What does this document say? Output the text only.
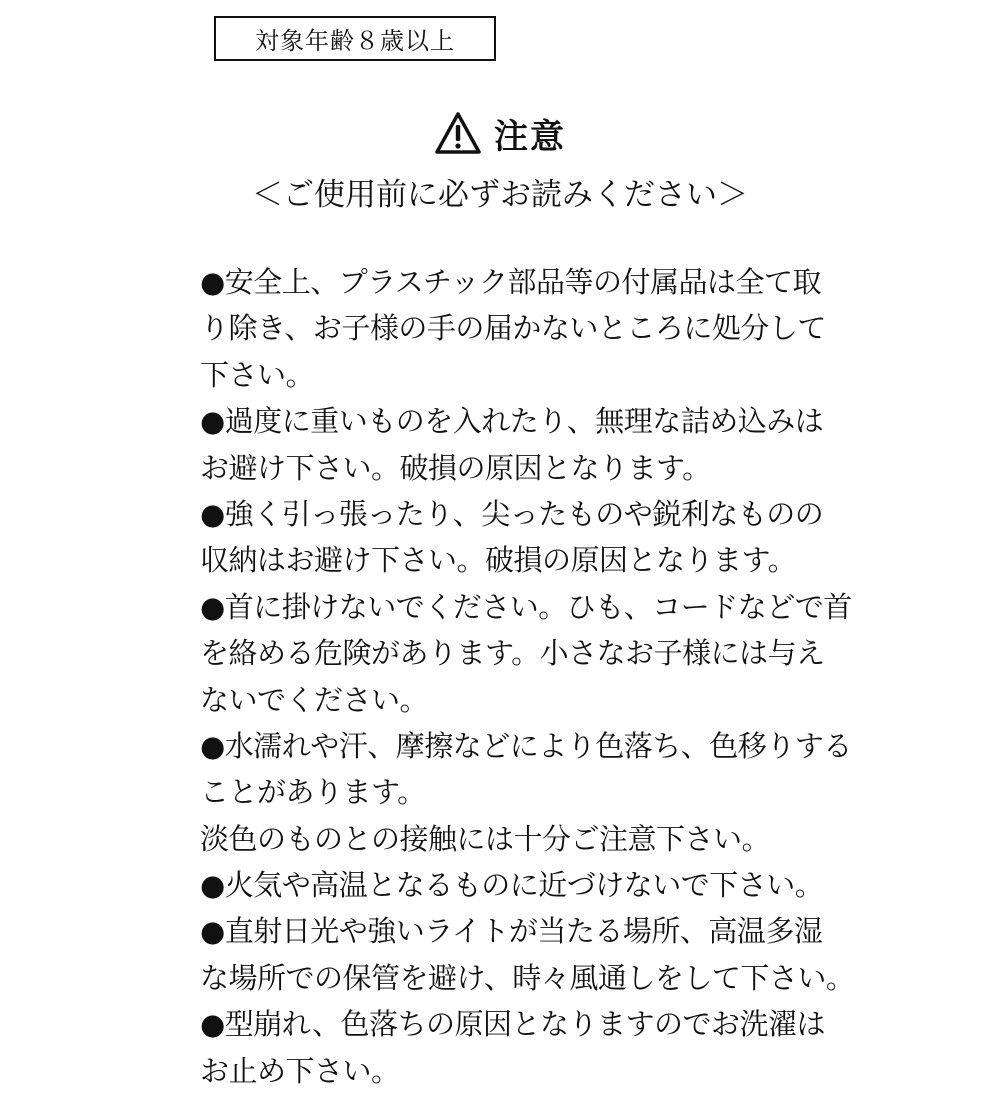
対象年齢８歳以上
注意
＜ご使用前に必ずお読みください＞
●安全上、プラスチック部品等の付属品は全て取
り除き、お子様の手の届かないところに処分して
下さい。
●過度に重いものを入れたり、無理な詰め込みは
お避け下さい。破損の原因となります。
●強く引っ張ったり、尖ったものや鋭利なものの
収納はお避け下さい。破損の原因となります。
●首に掛けないでください。ひも、コードなどで首
を絡める危険があります。小さなお子様には与え
ないでください。
●水濡れや汗、摩擦などにより色落ち、色移りする
ことがあります。
淡色のものとの接触には十分ご注意下さい。
●火気や高温となるものに近づけないで下さい。
●直射日光や強いライトが当たる場所、高温多湿
な場所での保管を避け、時々風通しをして下さい。
●型崩れ、色落ちの原因となりますのでお洗濯は
お止め下さい。
